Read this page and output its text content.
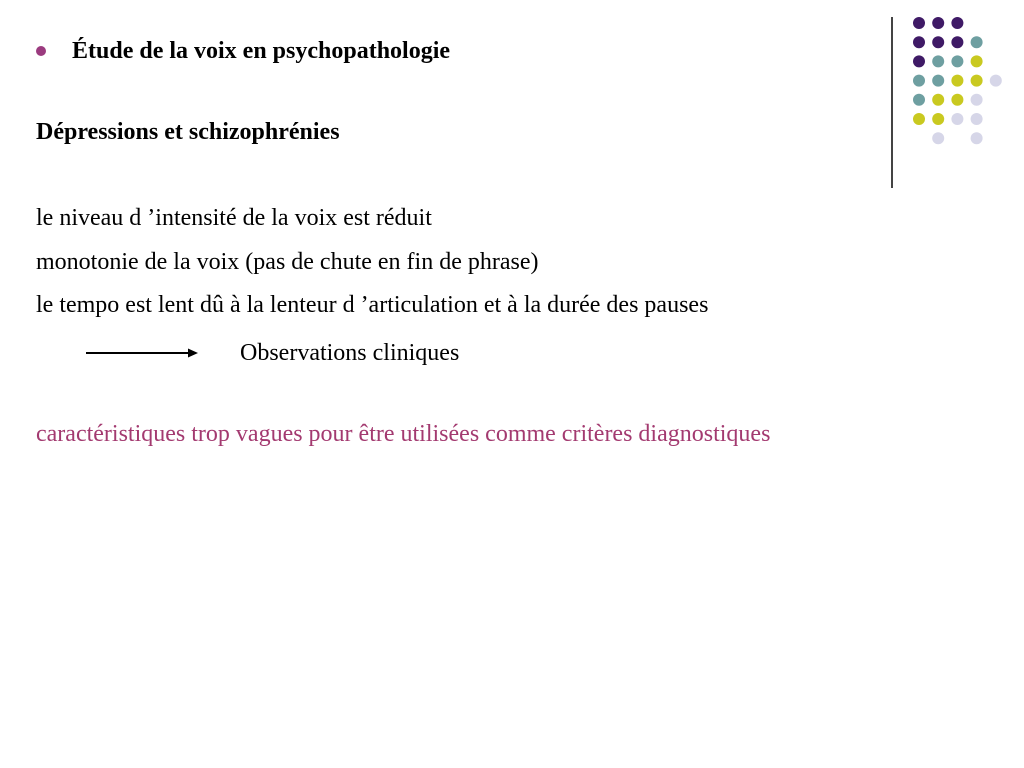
Étude de la voix en psychopathologie
Dépressions et schizophrénies
le niveau d ’intensité de la voix est réduit
monotonie de la voix (pas de chute en fin de phrase)
le tempo est lent dû à la lenteur d ’articulation et à la durée des pauses
Observations cliniques
caractéristiques trop vagues pour être utilisées comme critères diagnostiques
